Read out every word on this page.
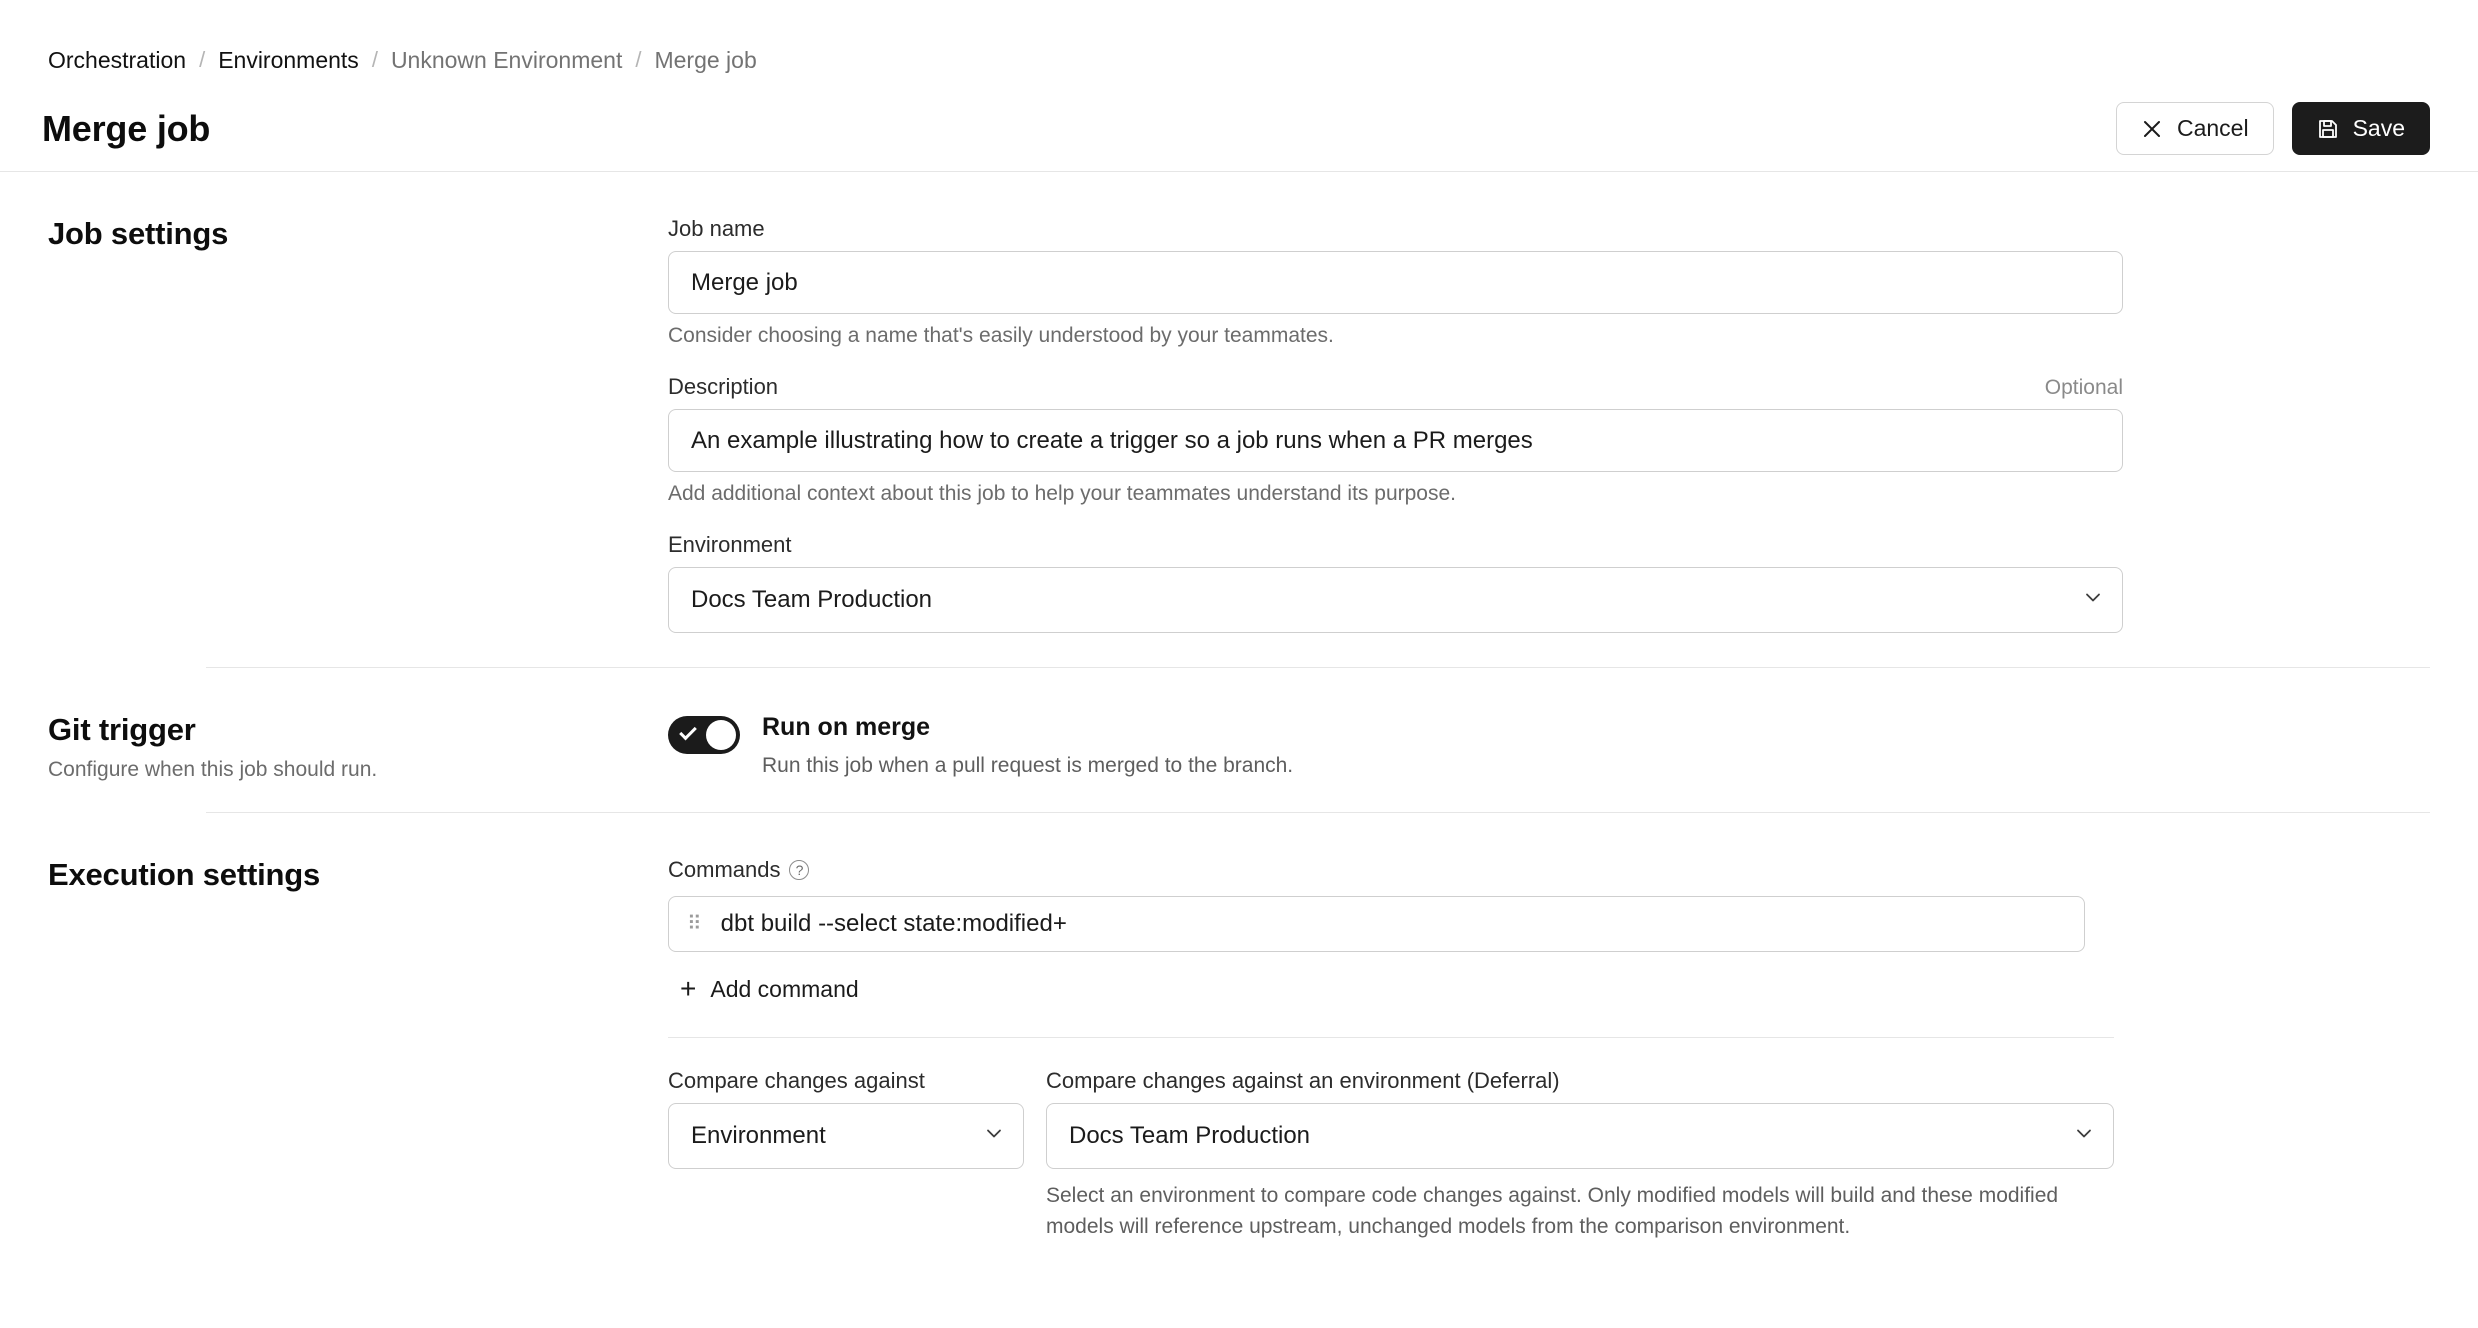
Orchestration / Environments / Unknown Environment / Merge job
Merge job	Cancel	Save
Job settings	Job name Merge job
Consider choosing a name that's easily understood by your teammates.
Description	Optional
An example illustrating how to create a trigger so a job runs when a PR merges
Add additional context about this job to help your teammates understand its purpose.
Environment
Docs Team Production
Git trigger

Configure when this job should run.

Run on merge
Run this job when a pull request is merged to the branch.
Execution settings	Commands	?
⠿ dbt build --select state:modified+
+ Add command
Compare changes against
Environment
Compare changes against an environment (Deferral)
Docs Team Production
Select an environment to compare code changes against. Only modified models will build and these modified models will reference upstream, unchanged models from the comparison environment.
